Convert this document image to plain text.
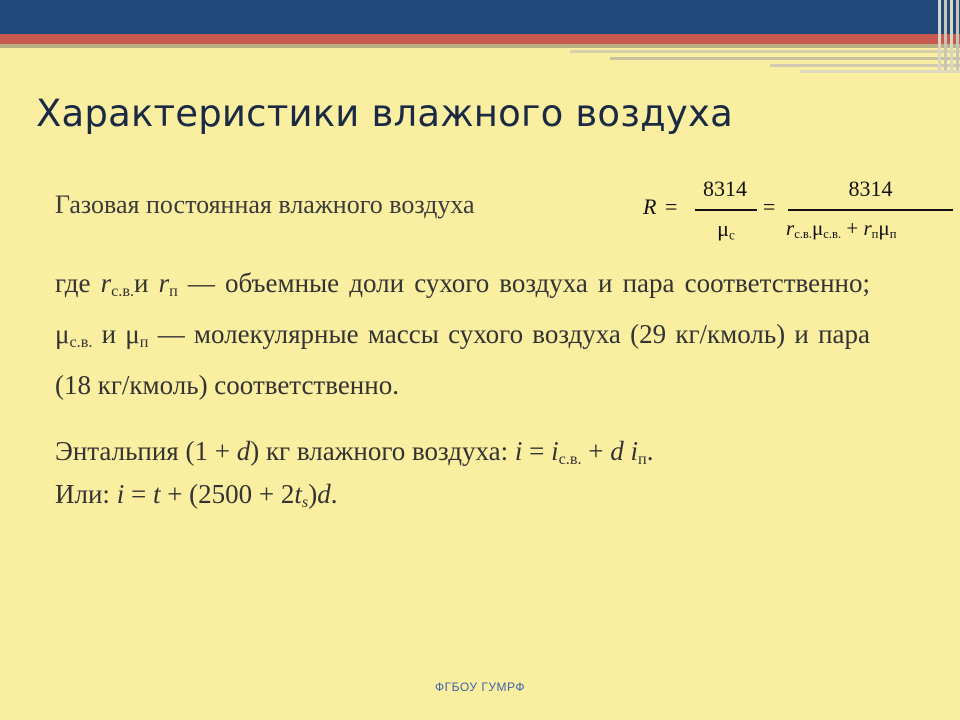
Характеристики влажного воздуха
Газовая постоянная влажного воздуха	R =
8314
$\mu_с$
=
8314
$r_{с.в.}\mu_{с.в.} + r_п\mu_п$
где $r_{с.в.}и$ $r_п$ — объемные доли сухого воздуха и пара соответственно; $\mu_{с.в.}$ и $\mu_п$ — молекулярные массы сухого воздуха (29 кг/кмоль) и пара (18 кг/кмоль) соответственно.
Энтальпия (1 + d) кг влажного воздуха: $i = i_{с.в.} + d$ $i_п$.
Или: $i = t + (2500 + 2t_s)d$.
ФГБОУ ГУМРФ
